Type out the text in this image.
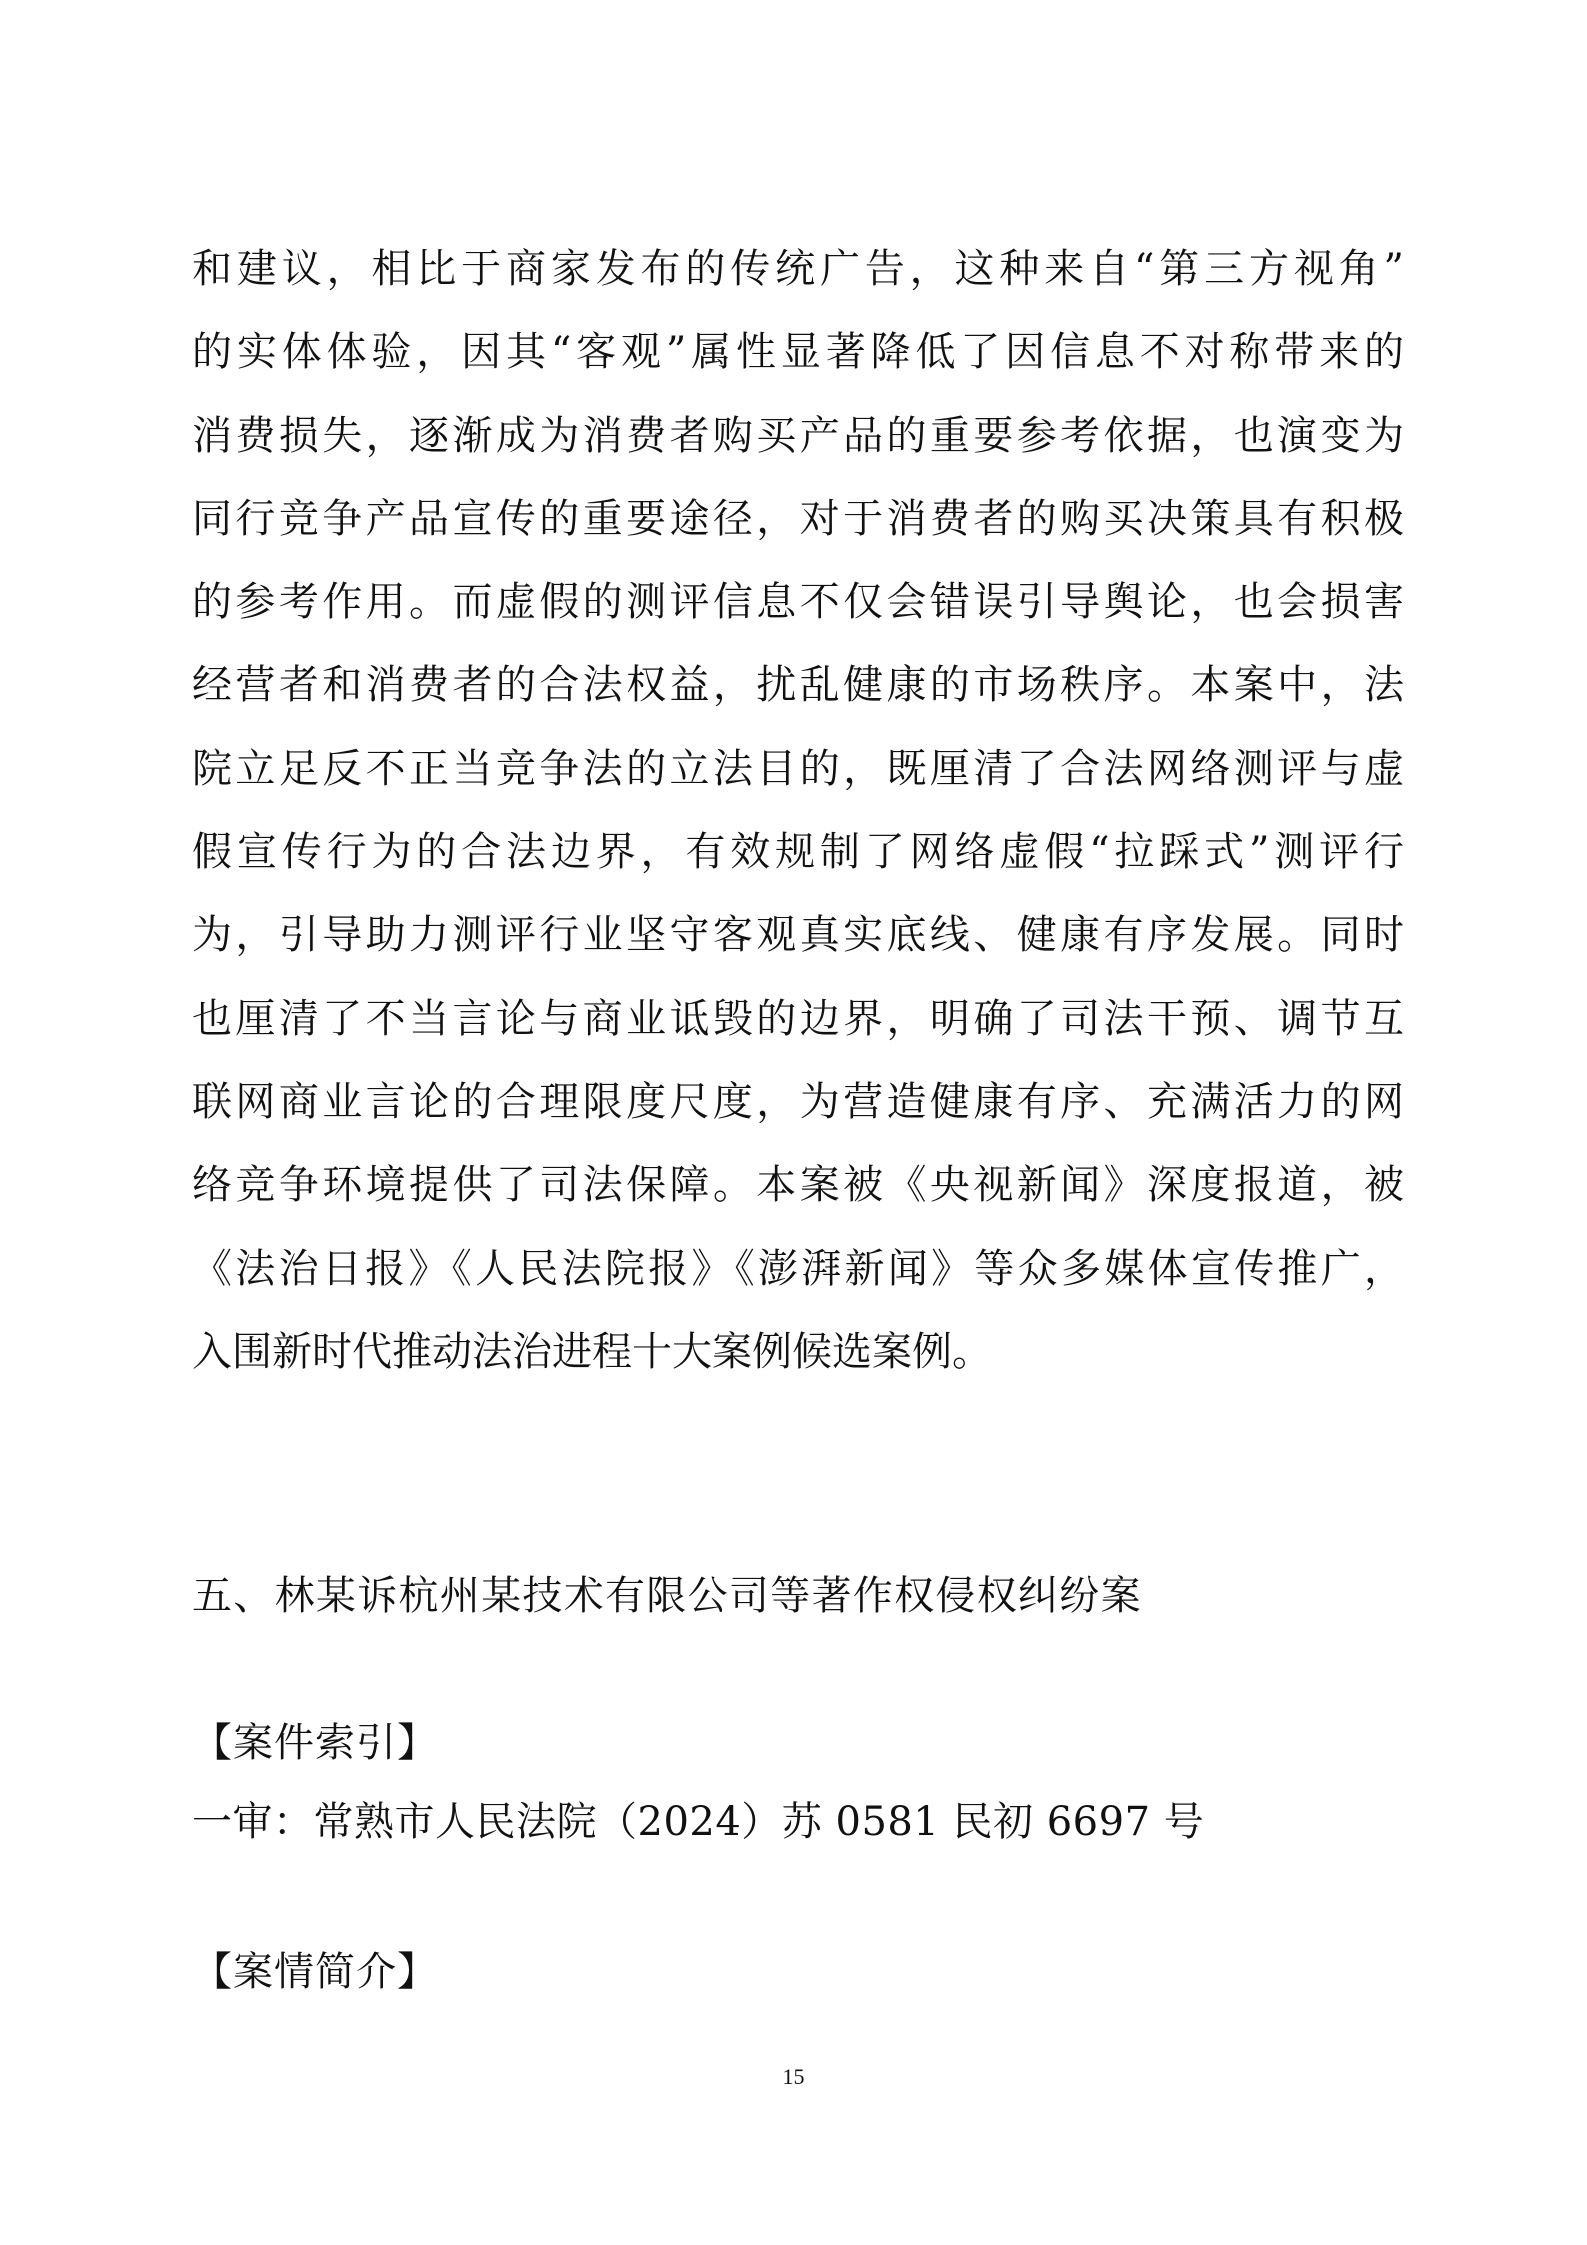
和建议，相比于商家发布的传统广告，这种来自“第三方视角”
的实体体验，因其“客观”属性显著降低了因信息不对称带来的
消费损失，逐渐成为消费者购买产品的重要参考依据，也演变为
同行竞争产品宣传的重要途径，对于消费者的购买决策具有积极
的参考作用。而虚假的测评信息不仅会错误引导舆论，也会损害
经营者和消费者的合法权益，扰乱健康的市场秩序。本案中，法
院立足反不正当竞争法的立法目的，既厘清了合法网络测评与虚
假宣传行为的合法边界，有效规制了网络虚假“拉踩式”测评行
为，引导助力测评行业坚守客观真实底线、健康有序发展。同时
也厘清了不当言论与商业诋毁的边界，明确了司法干预、调节互
联网商业言论的合理限度尺度，为营造健康有序、充满活力的网
络竞争环境提供了司法保障。本案被《央视新闻》深度报道，被
《法治日报》《人民法院报》《澎湃新闻》等众多媒体宣传推广，
入围新时代推动法治进程十大案例候选案例。
五、林某诉杭州某技术有限公司等著作权侵权纠纷案

【案件索引】

一审：常熟市人民法院（2024）苏 0581 民初 6697 号

【案情简介】

15
